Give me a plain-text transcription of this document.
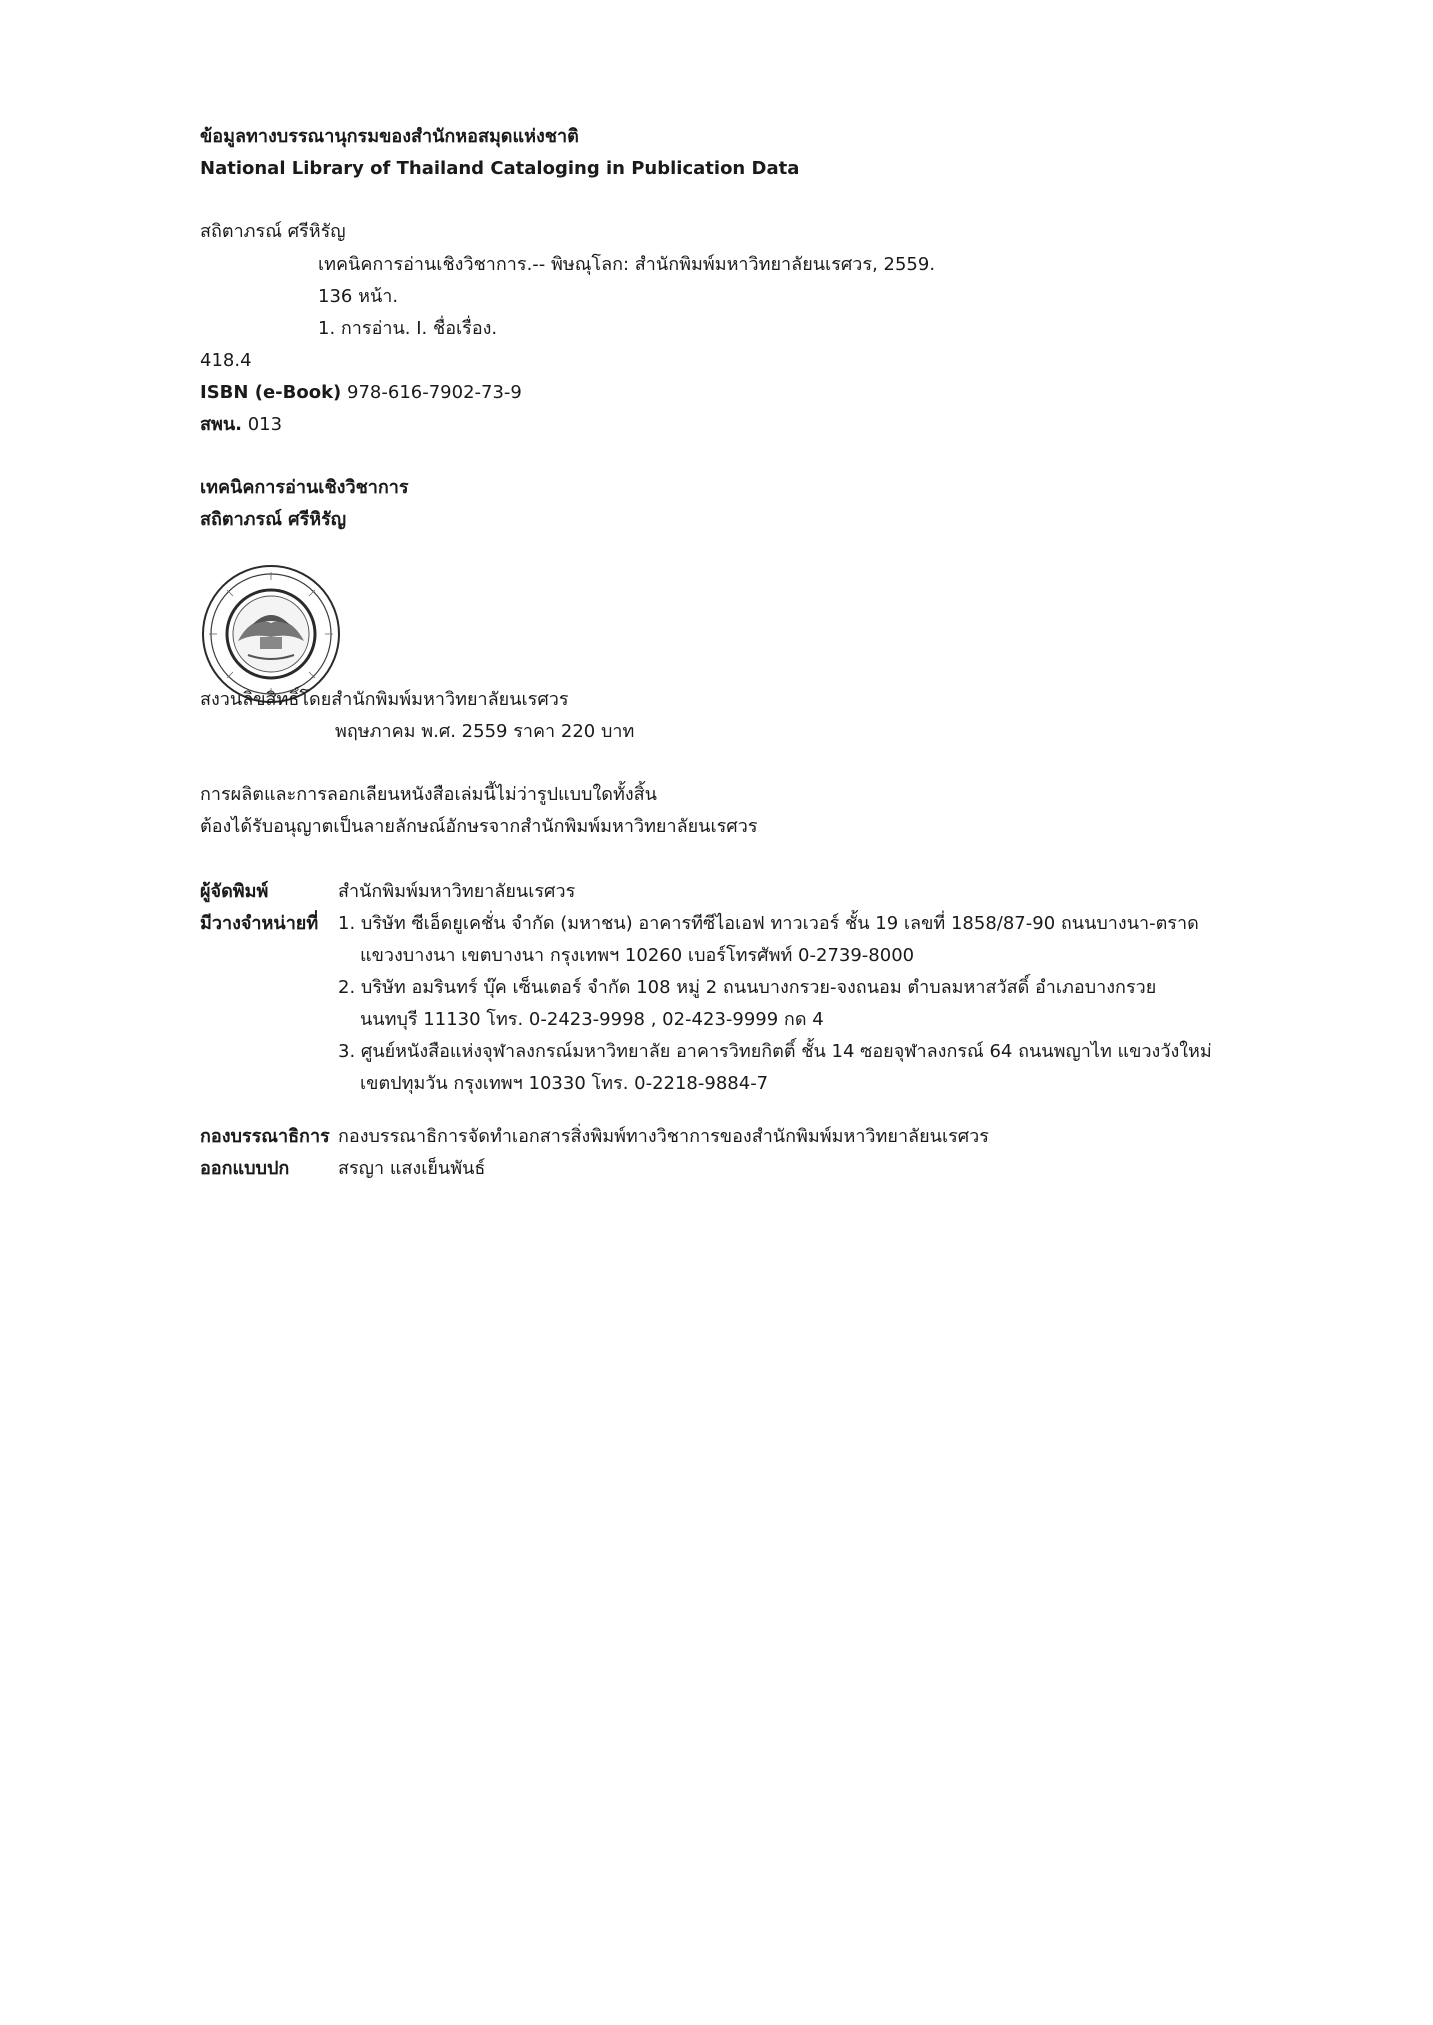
ข้อมูลทางบรรณานุกรมของสำนักหอสมุดแห่งชาติ
National Library of Thailand Cataloging in Publication Data
สถิตาภรณ์ ศรีหิรัญ
เทคนิคการอ่านเชิงวิชาการ.-- พิษณุโลก: สำนักพิมพ์มหาวิทยาลัยนเรศวร, 2559.
136 หน้า.
1. การอ่าน. I. ชื่อเรื่อง.
418.4
ISBN (e-Book) 978-616-7902-73-9
สพน. 013
เทคนิคการอ่านเชิงวิชาการ
สถิตาภรณ์ ศรีหิรัญ
สงวนลิขสิทธิ์โดยสำนักพิมพ์มหาวิทยาลัยนเรศวร
พฤษภาคม พ.ศ. 2559 ราคา 220 บาท
การผลิตและการลอกเลียนหนังสือเล่มนี้ไม่ว่ารูปแบบใดทั้งสิ้น
ต้องได้รับอนุญาตเป็นลายลักษณ์อักษรจากสำนักพิมพ์มหาวิทยาลัยนเรศวร
ผู้จัดพิมพ์	สำนักพิมพ์มหาวิทยาลัยนเรศวร
มีวางจำหน่ายที่ 1. บริษัท ซีเอ็ดยูเคชั่น จำกัด (มหาชน) อาคารทีซีไอเอฟ ทาวเวอร์ ชั้น 19 เลขที่ 1858/87-90 ถนนบางนา-ตราด
แขวงบางนา เขตบางนา กรุงเทพฯ 10260 เบอร์โทรศัพท์ 0-2739-8000
2. บริษัท อมรินทร์ บุ๊ค เซ็นเตอร์ จำกัด 108 หมู่ 2 ถนนบางกรวย-จงถนอม ตำบลมหาสวัสดิ์ อำเภอบางกรวย
นนทบุรี 11130 โทร. 0-2423-9998 , 02-423-9999 กด 4
3. ศูนย์หนังสือแห่งจุฬาลงกรณ์มหาวิทยาลัย อาคารวิทยกิตติ์ ชั้น 14 ซอยจุฬาลงกรณ์ 64 ถนนพญาไท แขวงวังใหม่
เขตปทุมวัน กรุงเทพฯ 10330 โทร. 0-2218-9884-7
กองบรรณาธิการ กองบรรณาธิการจัดทำเอกสารสิ่งพิมพ์ทางวิชาการของสำนักพิมพ์มหาวิทยาลัยนเรศวร
ออกแบบปก	สรญา แสงเย็นพันธ์
